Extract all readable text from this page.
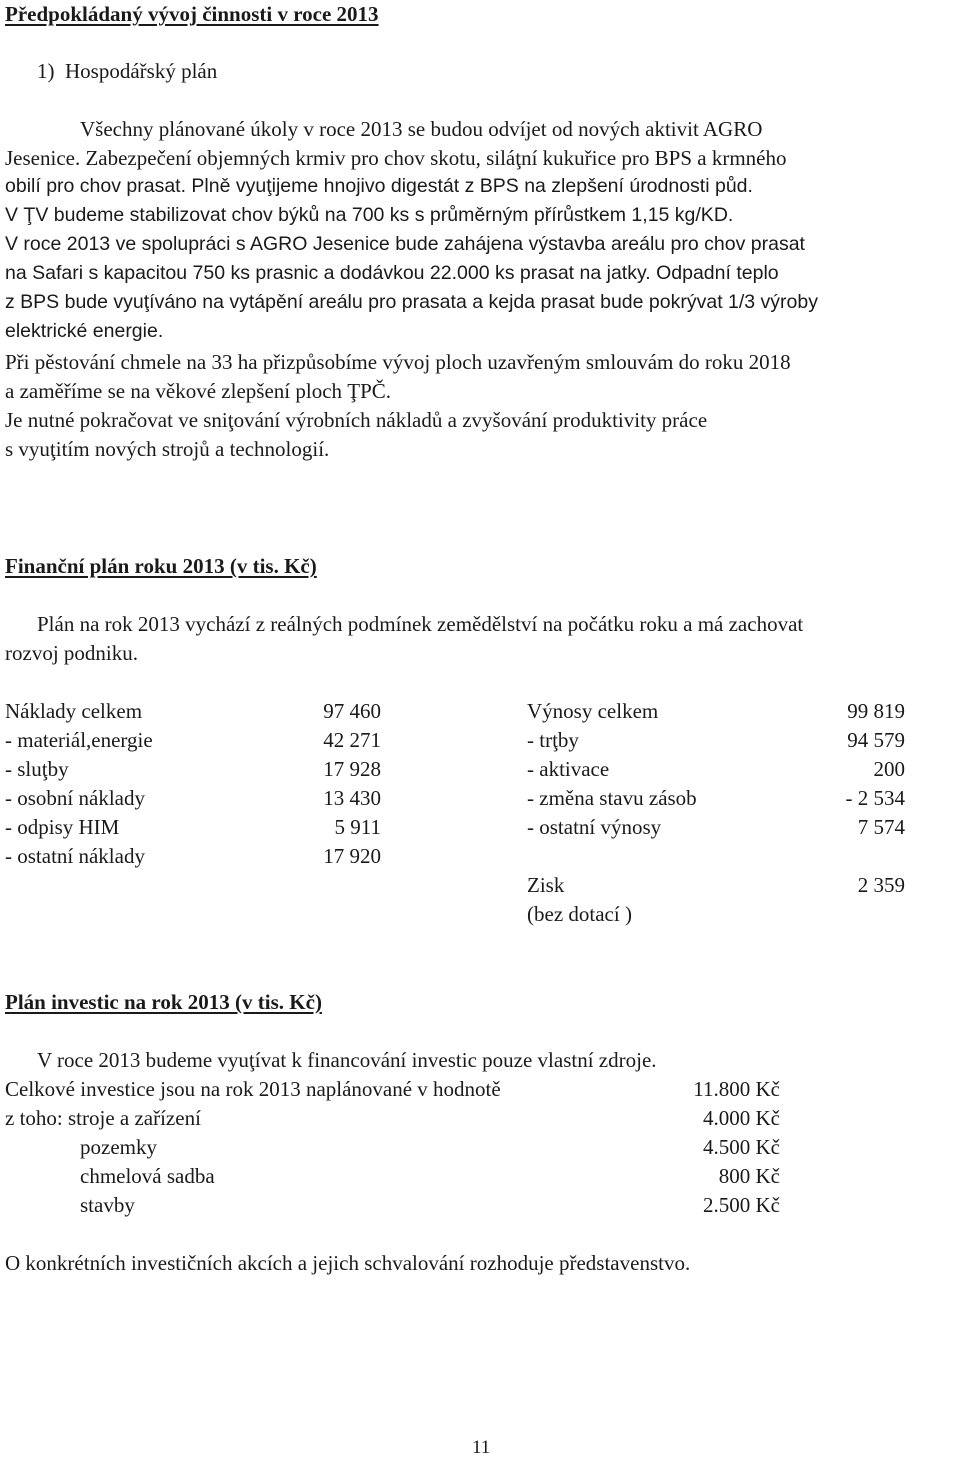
Předpokládaný vývoj činnosti v roce 2013
1)  Hospodářský plán
Všechny plánované úkoly v roce 2013 se budou odvíjet od nových aktivit AGRO
Jesenice. Zabezpečení objemných krmiv pro chov skotu, siláţní kukuřice pro BPS a krmného
obilí pro chov prasat. Plně vyuţijeme hnojivo digestát z BPS na zlepšení úrodnosti půd.
V ŢV budeme stabilizovat chov býků na 700 ks s průměrným přírůstkem 1,15 kg/KD.
V roce 2013 ve spolupráci s AGRO Jesenice bude zahájena výstavba areálu pro chov prasat
na Safari s kapacitou 750 ks prasnic a dodávkou 22.000 ks prasat na jatky. Odpadní teplo
z BPS bude vyuţíváno na vytápění areálu pro prasata a kejda prasat bude pokrývat 1/3 výroby
elektrické energie.
Při pěstování chmele na 33 ha přizpůsobíme vývoj ploch uzavřeným smlouvám do roku 2018
a zaměříme se na věkové zlepšení ploch ŢPČ.
Je nutné pokračovat ve sniţování výrobních nákladů a zvyšování produktivity práce
s vyuţitím nových strojů a technologií.
Finanční plán roku 2013 (v tis. Kč)
Plán na rok 2013 vychází z reálných podmínek zemědělství na počátku roku a má zachovat
rozvoj podniku.
Náklady celkem	97 460
- materiál,energie	42 271
- sluţby	17 928
- osobní náklady	13 430
- odpisy HIM	5 911
- ostatní náklady	17 920
Výnosy celkem	99 819
- trţby	94 579
- aktivace	200
- změna stavu zásob	- 2 534
- ostatní výnosy	7 574
Zisk	2 359
(bez dotací )
Plán investic na rok 2013 (v tis. Kč)
V roce 2013 budeme vyuţívat k financování investic pouze vlastní zdroje.
Celkové investice jsou na rok 2013 naplánované v hodnotě	11.800 Kč
z toho: stroje a zařízení	4.000 Kč
pozemky	4.500 Kč
chmelová sadba	800 Kč
stavby	2.500 Kč
O konkrétních investičních akcích a jejich schvalování rozhoduje představenstvo.
11
